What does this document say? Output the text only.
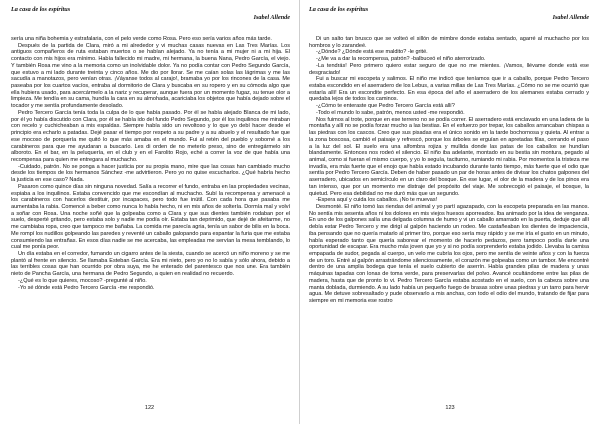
La casa de los espíritus
Isabel Allende

sería una niña bohemia y estrafalaria, con el pelo verde como Rosa. Pero eso sería varios años más tarde.

Después de la partida de Clara, miró a mi alrededor y vi muchas casas nuevas en Las Tres Marías. Los antiguos compañeros de ruta estaban muertos o se habían alejado. Ya no tenía a mi mujer ni a mi hija. El contacto con mis hijos era mínimo. Había fallecido mi madre, mi hermana, la buena Nana, Pedro García, el viejo. Y también Rosa me vino a la memoria como un inolvidable dolor. Ya no podía contar con Pedro Segundo García, que estuvo a mi lado durante treinta y cinco años. Me dio por llorar. Se me caían solas las lágrimas y me las sacudía a manotazos, pero venían otras. ¡Váyanse todos al carajo!, bramaba yo por los rincones de la casa. Me paseaba por los cuartos vacíos, entraba al dormitorio de Clara y buscaba en su ropero y en su cómoda algo que ella hubiera usado, para acercármelo a la nariz y recuperar, aunque fuera por un momento fugaz, su tenue olor a limpieza. Me tendía en su cama, hundía la cara en su almohada, acariciaba los objetos que había dejado sobre el tocador y me sentía profundamente desolado.

Pedro Tercero García tenía toda la culpa de lo que había pasado. Por él se había alejado Blanca de mi lado, por él yo había discutido con Clara, por él se había ido del fundo Pedro Segundo, por él los inquilinos me miraban con recelo y cuchicheaban a mis espaldas. Siempre había sido un revoltoso y lo que yo debí hacer desde el principio era echarlo a patadas. Dejé pasar el tiempo por respeto a su padre y a su abuelo y el resultado fue que ese mocoso de porquería me quitó lo que más amaba en el mundo. Fui al retén del pueblo y soborné a los carabineros para que me ayudaran a buscarlo. Les di orden de no meterlo preso, sino de entregármelo sin alboroto. En el bar, en la peluquería, en el club y en el Farolito Rojo, eché a correr la voz de que había una recompensa para quien me entregara al muchacho.

-Cuidado, patrón. No se ponga a hacer justicia por su propia mano, mire que las cosas han cambiado mucho desde los tiempos de los hermanos Sánchez -me advirtieron. Pero yo no quise escucharlos. ¿Qué habría hecho la justicia en ese caso? Nada.

Pasaron como quince días sin ninguna novedad. Salía a recorrer el fundo, entraba en las propiedades vecinas, espiaba a los inquilinos. Estaba convencido que me escondían al muchacho. Subí la recompensa y amenacé a los carabineros con hacerlos destituir, por incapaces, pero todo fue inútil. Con cada hora que pasaba me aumentaba la rabia. Comencé a beber como nunca lo había hecho, ni en mis años de soltería. Dormía mal y volví a soñar con Rosa. Una noche soñé que la golpeaba como a Clara y que sus dientes también rodaban por el suelo, desperté gritando, pero estaba solo y nadie me podía oír. Estaba tan deprimido, que dejé de afeitarme, no me cambiaba ropa, creo que tampoco me bañaba. La comida me parecía agria, tenía un sabor de bilis en la boca. Me rompí los nudillos golpeando las paredes y reventé un caballo galopando para espantar la furia que me estaba consumiendo las entrañas. En esos días nadie se me acercaba, las empleadas me servían la mesa temblando, lo cual me ponía peor.

Un día estaba en el corredor, fumando un cigarro antes de la siesta, cuando se acercó un niño moreno y se me plantó al frente en silencio. Se llamaba Esteban García. Era mi nieto, pero yo no lo sabía y sólo ahora, debido a las terribles cosas que han ocurrido por obra suya, me he enterado del parentesco que nos une. Era también nieto de Pancha García, una hermana de Pedro Segundo, a quien en realidad no recuerdo.

-¿Qué es lo que quieres, mocoso? -pregunté al niño.

-Yo sé dónde está Pedro Tercero García -me respondió.

122
La casa de los espíritus
Isabel Allende

Di un salto tan brusco que se volteó el sillón de mimbre donde estaba sentado, agarré al muchacho por los hombros y lo zarandeé.

-¿Dónde? ¿Dónde está ese maldito? -le grité.

-¿Me va a dar la recompensa, patrón? -balbuceó el niño aterrorizado.

-La tendrás! Pero primero quiero estar seguro de que no me mientes. ¡Vamos, llévame donde está ese desgraciado!

Fui a buscar mi escopeta y salimos. El niño me indicó que teníamos que ir a caballo, porque Pedro Tercero estaba escondido en el aserradero de los Lebus, a varias millas de Las Tres Marías. ¿Cómo no se me ocurrió que estaría allí! Era un escondite perfecto. En esa época del año el aserradero de los alemanes estaba cerrado y quedaba lejos de todos los caminos.

-¿Cómo te enteraste que Pedro Tercero García está allí?

-Todo el mundo lo sabe, patrón, menos usted -me respondió.

Nos fuimos al trote, porque en ese terreno no se podía correr. El aserradero está enclavado en una ladera de la montaña y allí no se podía forzar mucho a las bestias. En el esfuerzo por trepar, los caballos arrancaban chispas a las piedras con los cascos. Creo que sus pisadas era el único sonido en la tarde bochornosa y quieta. Al entrar a la zona boscosa, cambió el paisaje y refrescó, porque los árboles se erguían en apretadas filas, cerrando el paso a la luz del sol. El suelo era una alfombra rojiza y mullida donde las patas de los caballos se hundían blandamente. Entonces nos rodeó el silencio. El niño iba adelante, montado en su bestia sin montura, pegado al animal, como si fueran el mismo cuerpo, y yo lo seguía, taciturno, rumiando mi rabia. Por momentos la tristeza me invadía, era más fuerte que el enojo que había estado incubando durante tanto tiempo, más fuerte que el odio que sentía por Pedro Tercero García. Deben de haber pasado un par de horas antes de divisar los chatos galpones del aserradero, ubicados en semicírculo en un claro del bosque. En ese lugar, el olor de la madera y de los pinos era tan intenso, que por un momento me distraje del propósito del viaje. Me sobrecogió el paisaje, el bosque, la quietud. Pero esa debilidad no me duró más que un segundo.

-Espera aquí y cuida los caballos. ¡No te muevas!

Desmonté. El niño tomó las riendas del animal y yo partí agazapado, con la escopeta preparada en las manos. No sentía mis sesenta años ni los dolores en mis viejos huesos aporreados. Iba animado por la idea de venganza. En uno de los galpones salía una delgada columna de humo y vi un caballo amarrado en la puerta, deduje que allí debía estar Pedro Tercero y me dirigí al galpón haciendo un rodeo. Me castañeaban los dientes de impaciencia, iba pensando que no quería matarlo al primer tiro, porque eso sería muy rápido y se me iría el gusto en un minuto, había esperado tanto que quería saborear el momento de hacerlo pedazos, pero tampoco podía darle una oportunidad de escapar. Era mucho más joven que yo y si no podía sorprenderlo estaba jodido. Llevaba la camisa empapada de sudor, pegada al cuerpo, un velo me cubría los ojos, pero me sentía de veinte años y con la fuerza de un toro. Entré al galpón arrastrándome silenciosamente, el corazón me golpeaba como un tambor. Me encontré dentro de una amplia bodega que tenía el suelo cubierto de aserrín. Había grandes pilas de madera y unas máquinas tapadas con lonas de toma verde, para preservarlas del polvo. Avancé ocultándome entre las pilas de madera, hasta que de pronto lo vi. Pedro Tercero García estaba acostado en el suelo, con la cabeza sobre una manta doblada, durmiendo. A su lado había un pequeño fuego de brasas sobre unas piedras y un tarro para hervir agua. Me detuve sobresaltado y pude observarlo a mis anchas, con todo el odio del mundo, tratando de fijar para siempre en mi memoria ese rostro

123
